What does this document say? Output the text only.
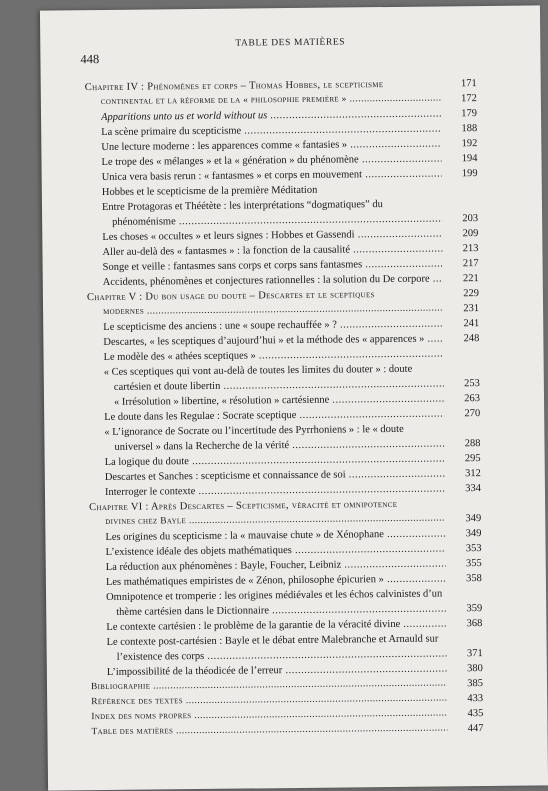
448
TABLE DES MATIÈRES
Chapitre IV : Phénomènes et corps – Thomas Hobbes, le scepticisme	171
continental et la réforme de la « philosophie première » .....	172
Apparitions unto us et world without us .....	179
La scène primaire du scepticisme .....	188
Une lecture moderne : les apparences comme « fantasies » .....	192
Le trope des « mélanges » et la « génération » du phénomène .....	194
Unica vera basis rerun : « fantasmes » et corps en mouvement .....	199
Hobbes et le scepticisme de la première Méditation
Entre Protagoras et Théétète : les interprétations “dogmatiques” du
phénoménisme .....	203
Les choses « occultes » et leurs signes : Hobbes et Gassendi .....	209
Aller au-delà des « fantasmes » : la fonction de la causalité .....	213
Songe et veille : fantasmes sans corps et corps sans fantasmes .....	217
Accidents, phénomènes et conjectures rationnelles : la solution du De corpore .....	221
Chapitre V : Du bon usage du doute – Descartes et le sceptiques	229
modernes .....	231
Le scepticisme des anciens : une « soupe rechauffée » ? .....	241
Descartes, « les sceptiques d’aujourd’hui » et la méthode des « apparences » .....	248
Le modèle des « athées sceptiques » .....
« Ces sceptiques qui vont au-delà de toutes les limites du douter » : doute
cartésien et doute libertin .....	253
« Irrésolution » libertine, « résolution » cartésienne .....	263
Le doute dans les Regulae : Socrate sceptique .....	270
« L’ignorance de Socrate ou l’incertitude des Pyrrhoniens » : le « doute
universel » dans la Recherche de la vérité .....	288
La logique du doute .....	295
Descartes et Sanches : scepticisme et connaissance de soi .....	312
Interroger le contexte .....	334
Chapitre VI : Après Descartes – Scepticisme, véracité et omnipotence
divines chez Bayle .....	349
Les origines du scepticisme : la « mauvaise chute » de Xénophane .....	349
L’existence idéale des objets mathématiques .....	353
La réduction aux phénomènes : Bayle, Foucher, Leibniz .....	355
Les mathématiques empiristes de « Zénon, philosophe épicurien » .....	358
Omnipotence et tromperie : les origines médiévales et les échos calvinistes d’un
thème cartésien dans le Dictionnaire .....	359
Le contexte cartésien : le problème de la garantie de la véracité divine .....	368
Le contexte post-cartésien : Bayle et le débat entre Malebranche et Arnauld sur
l’existence des corps .....	371
L’impossibilité de la théodicée de l’erreur .....	380
Bibliographie .....	385
Référence des textes .....	433
Index des noms propres .....	435
Table des matières .....	447
